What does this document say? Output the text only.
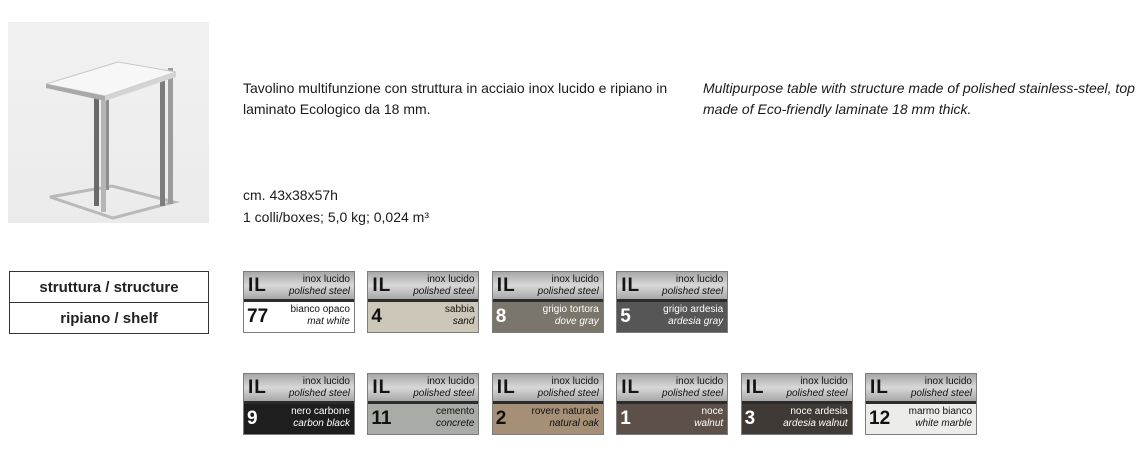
Tavolino multifunzione con struttura in acciaio inox lucido e ripiano in laminato Ecologico da 18 mm.
Multipurpose table with structure made of polished stainless-steel, top made of Eco-friendly laminate 18 mm thick.
cm. 43x38x57h
1 colli/boxes; 5,0 kg; 0,024 m³
struttura / structure
ripiano / shelf
IL	inox lucido
polished steel
77 bianco opaco
mat white
IL	inox lucido
polished steel
4	sabbia
sand
IL	inox lucido
polished steel
8	grigio tortora
dove gray
IL	inox lucido
polished steel
5	grigio ardesia
ardesia gray
IL	inox lucido
polished steel
9	nero carbone
carbon black
IL	inox lucido
polished steel
11	cemento
concrete
IL	inox lucido
polished steel
2	rovere naturale
natural oak
IL	inox lucido
polished steel
1	noce
walnut
IL	inox lucido
polished steel
3	noce ardesia
ardesia walnut
IL	inox lucido
polished steel
12 marmo bianco
white marble
